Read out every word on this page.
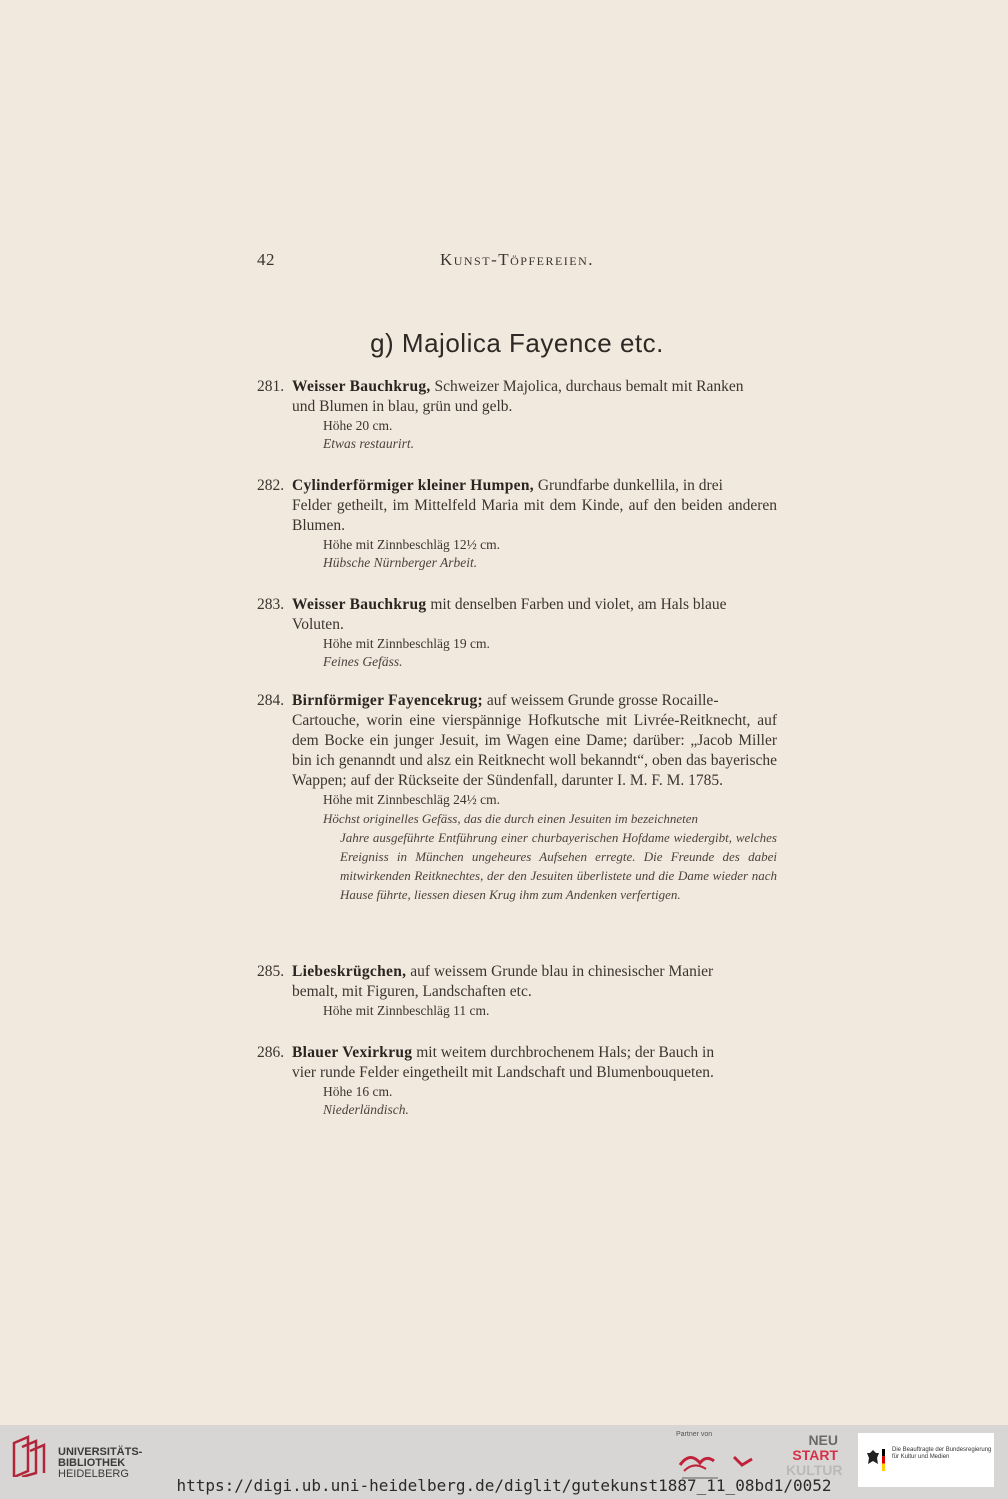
42	Kunst-Töpfereien.
g) Majolica Fayence etc.

281. Weisser Bauchkrug, Schweizer Majolica, durchaus bemalt mit Ranken

und Blumen in blau, grün und gelb.

Höhe 20 cm.

Etwas restaurirt.

282. Cylinderförmiger kleiner Humpen, Grundfarbe dunkellila, in drei

Felder getheilt, im Mittelfeld Maria mit dem Kinde, auf den beiden anderen Blumen.

Höhe mit Zinnbeschläg 12½ cm.

Hübsche Nürnberger Arbeit.

283. Weisser Bauchkrug mit denselben Farben und violet, am Hals blaue

Voluten.

Höhe mit Zinnbeschläg 19 cm.

Feines Gefäss.

284. Birnförmiger Fayencekrug; auf weissem Grunde grosse Rocaille-

Cartouche, worin eine vierspännige Hofkutsche mit Livrée-Reitknecht, auf dem Bocke ein junger Jesuit, im Wagen eine Dame; darüber: „Jacob Miller bin ich genanndt und alsz ein Reitknecht woll bekanndt“, oben das bayerische Wappen; auf der Rückseite der Sündenfall, darunter I. M. F. M. 1785.

Höhe mit Zinnbeschläg 24½ cm.

Höchst originelles Gefäss, das die durch einen Jesuiten im bezeichneten
Jahre ausgeführte Entführung einer churbayerischen Hofdame wiedergibt, welches Ereigniss in München ungeheures Aufsehen erregte. Die Freunde des dabei mitwirkenden Reitknechtes, der den Jesuiten überlistete und die Dame wieder nach Hause führte, liessen diesen Krug ihm zum Andenken verfertigen.

285. Liebeskrügchen, auf weissem Grunde blau in chinesischer Manier

bemalt, mit Figuren, Landschaften etc.

Höhe mit Zinnbeschläg 11 cm.

286. Blauer Vexirkrug mit weitem durchbrochenem Hals; der Bauch in

vier runde Felder eingetheilt mit Landschaft und Blumenbouqueten.

Höhe 16 cm.

Niederländisch.

UNIVERSITÄTS-
BIBLIOTHEK
HEIDELBERG
Partner von	NEU
START
KULTUR
Die Beauftragte der Bundesregierung
für Kultur und Medien
https://digi.ub.uni-heidelberg.de/diglit/gutekunst1887_11_08bd1/0052
